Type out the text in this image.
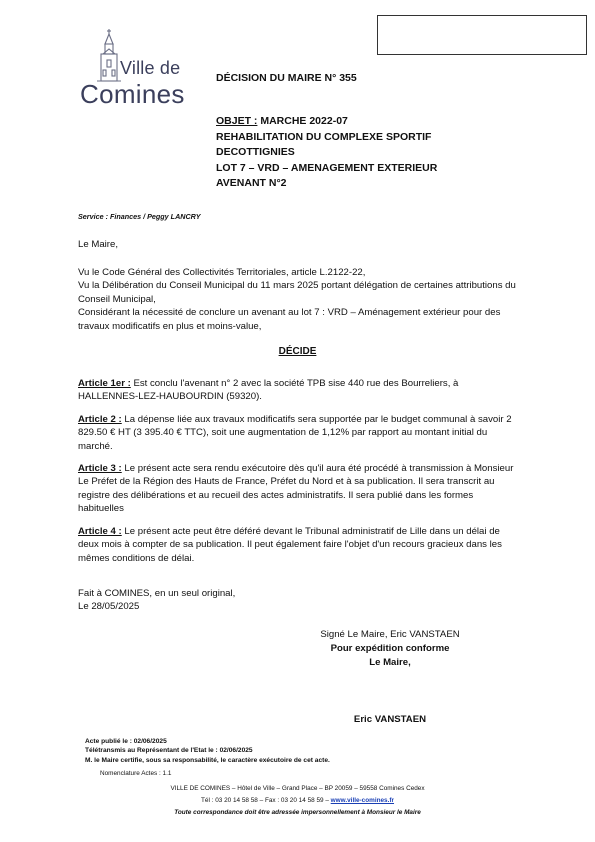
Ville de
Comines
DÉCISION DU MAIRE N° 355
OBJET : MARCHE 2022-07
REHABILITATION DU COMPLEXE SPORTIF
DECOTTIGNIES
LOT 7 – VRD – AMENAGEMENT EXTERIEUR
AVENANT N°2
Service : Finances / Peggy LANCRY
Le Maire,
Vu le Code Général des Collectivités Territoriales, article L.2122-22,
Vu la Délibération du Conseil Municipal du 11 mars 2025 portant délégation de certaines attributions du Conseil Municipal,
Considérant la nécessité de conclure un avenant au lot 7 : VRD – Aménagement extérieur pour des travaux modificatifs en plus et moins-value,
DÉCIDE
Article 1er : Est conclu l'avenant n° 2 avec la société TPB sise 440 rue des Bourreliers, à HALLENNES-LEZ-HAUBOURDIN (59320).
Article 2 : La dépense liée aux travaux modificatifs sera supportée par le budget communal à savoir 2 829.50 € HT (3 395.40 € TTC), soit une augmentation de 1,12% par rapport au montant initial du marché.
Article 3 : Le présent acte sera rendu exécutoire dès qu'il aura été procédé à transmission à Monsieur Le Préfet de la Région des Hauts de France, Préfet du Nord et à sa publication. Il sera transcrit au registre des délibérations et au recueil des actes administratifs. Il sera publié dans les formes habituelles
Article 4 : Le présent acte peut être déféré devant le Tribunal administratif de Lille dans un délai de deux mois à compter de sa publication. Il peut également faire l'objet d'un recours gracieux dans les mêmes conditions de délai.
Fait à COMINES, en un seul original,
Le 28/05/2025
Signé Le Maire, Eric VANSTAEN
Pour expédition conforme
Le Maire,
Eric VANSTAEN
Acte publié le : 02/06/2025
Télétransmis au Représentant de l'Etat le : 02/06/2025
M. le Maire certifie, sous sa responsabilité, le caractère exécutoire de cet acte.
Nomenclature Actes : 1.1
VILLE DE COMINES – Hôtel de Ville – Grand Place – BP 20059 – 59558 Comines Cedex
Tél : 03 20 14 58 58 – Fax : 03 20 14 58 59 – www.ville-comines.fr
Toute correspondance doit être adressée impersonnellement à Monsieur le Maire
